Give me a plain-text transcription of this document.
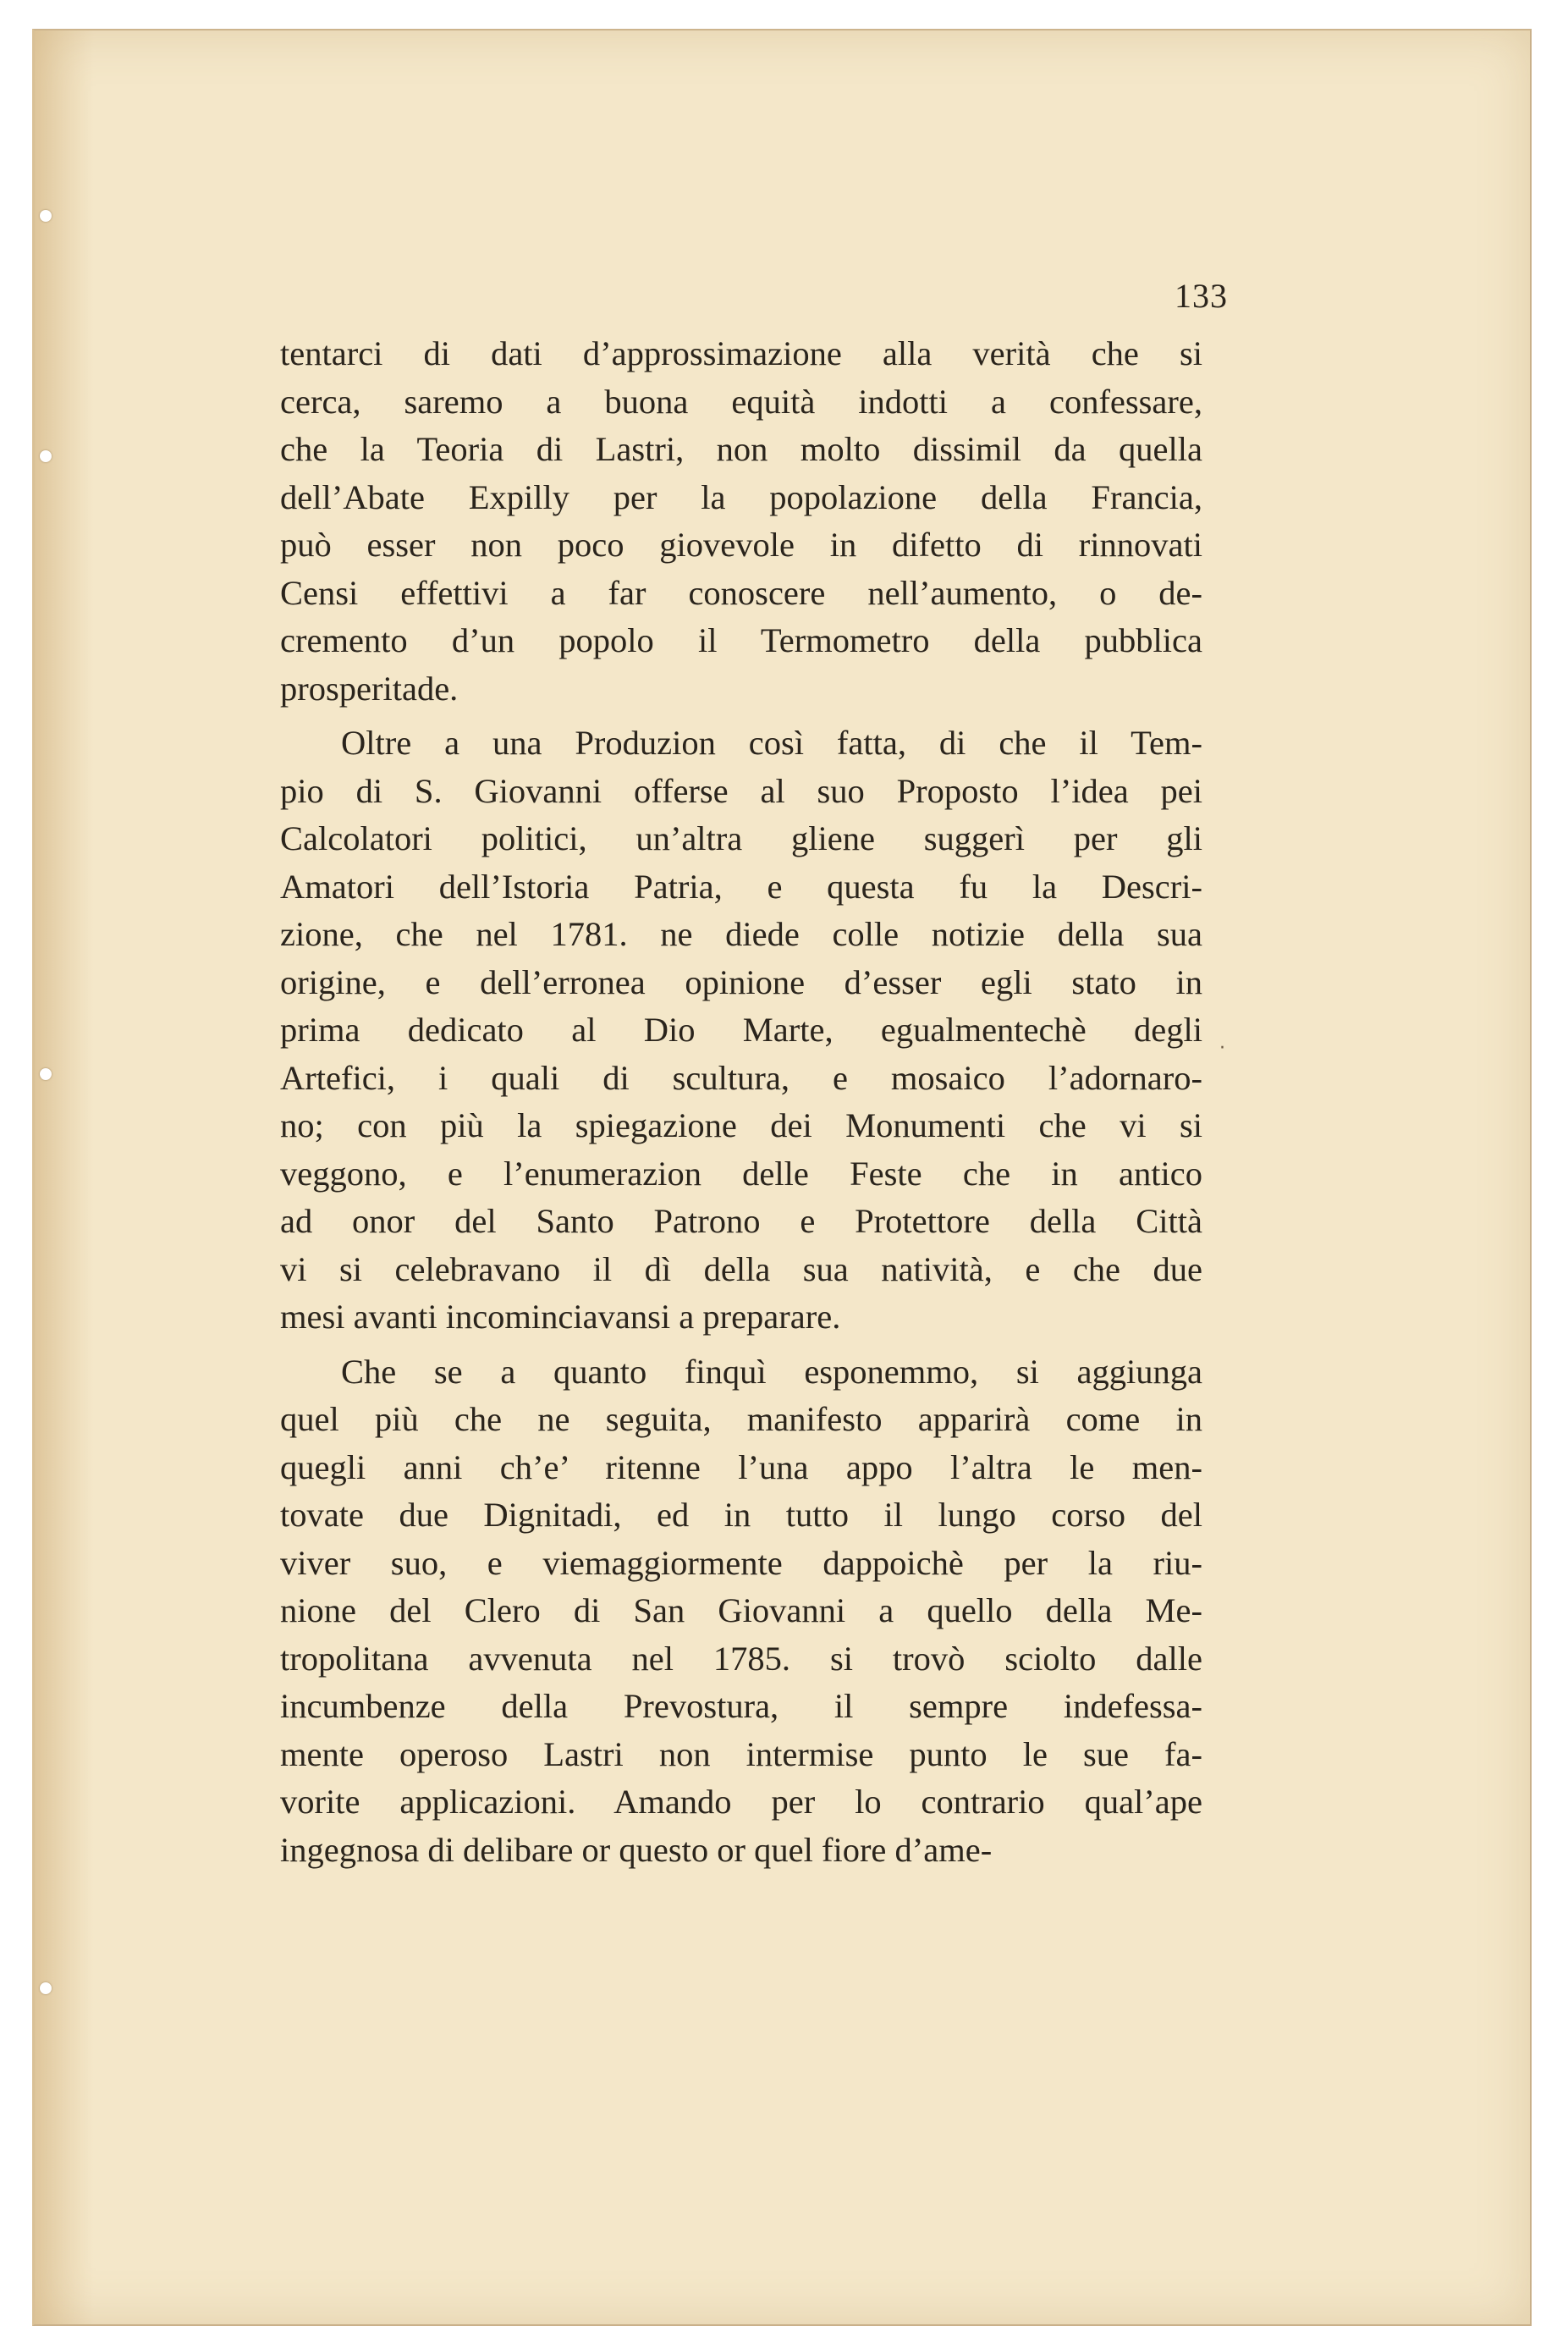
133
tentarci di dati d’approssimazione alla verità che si
cerca, saremo a buona equità indotti a confessare,
che la Teoria di Lastri, non molto dissimil da quella
dell’Abate Expilly per la popolazione della Francia,
può esser non poco giovevole in difetto di rinnovati
Censi effettivi a far conoscere nell’aumento, o de-
cremento d’un popolo il Termometro della pubblica
prosperitade.
Oltre a una Produzion così fatta, di che il Tem-
pio di S. Giovanni offerse al suo Proposto l’idea pei
Calcolatori politici, un’altra gliene suggerì per gli
Amatori dell’Istoria Patria, e questa fu la Descri-
zione, che nel 1781. ne diede colle notizie della sua
origine, e dell’erronea opinione d’esser egli stato in
prima dedicato al Dio Marte, egualmentechè degli
Artefici, i quali di scultura, e mosaico l’adornaro-
no; con più la spiegazione dei Monumenti che vi si
veggono, e l’enumerazion delle Feste che in antico
ad onor del Santo Patrono e Protettore della Città
vi si celebravano il dì della sua natività, e che due
mesi avanti incominciavansi a preparare.
Che se a quanto finquì esponemmo, si aggiunga
quel più che ne seguita, manifesto apparirà come in
quegli anni ch’e’ ritenne l’una appo l’altra le men-
tovate due Dignitadi, ed in tutto il lungo corso del
viver suo, e viemaggiormente dappoichè per la riu-
nione del Clero di San Giovanni a quello della Me-
tropolitana avvenuta nel 1785. si trovò sciolto dalle
incumbenze della Prevostura, il sempre indefessa-
mente operoso Lastri non intermise punto le sue fa-
vorite applicazioni. Amando per lo contrario qual’ape
ingegnosa di delibare or questo or quel fiore d’ame-
·
